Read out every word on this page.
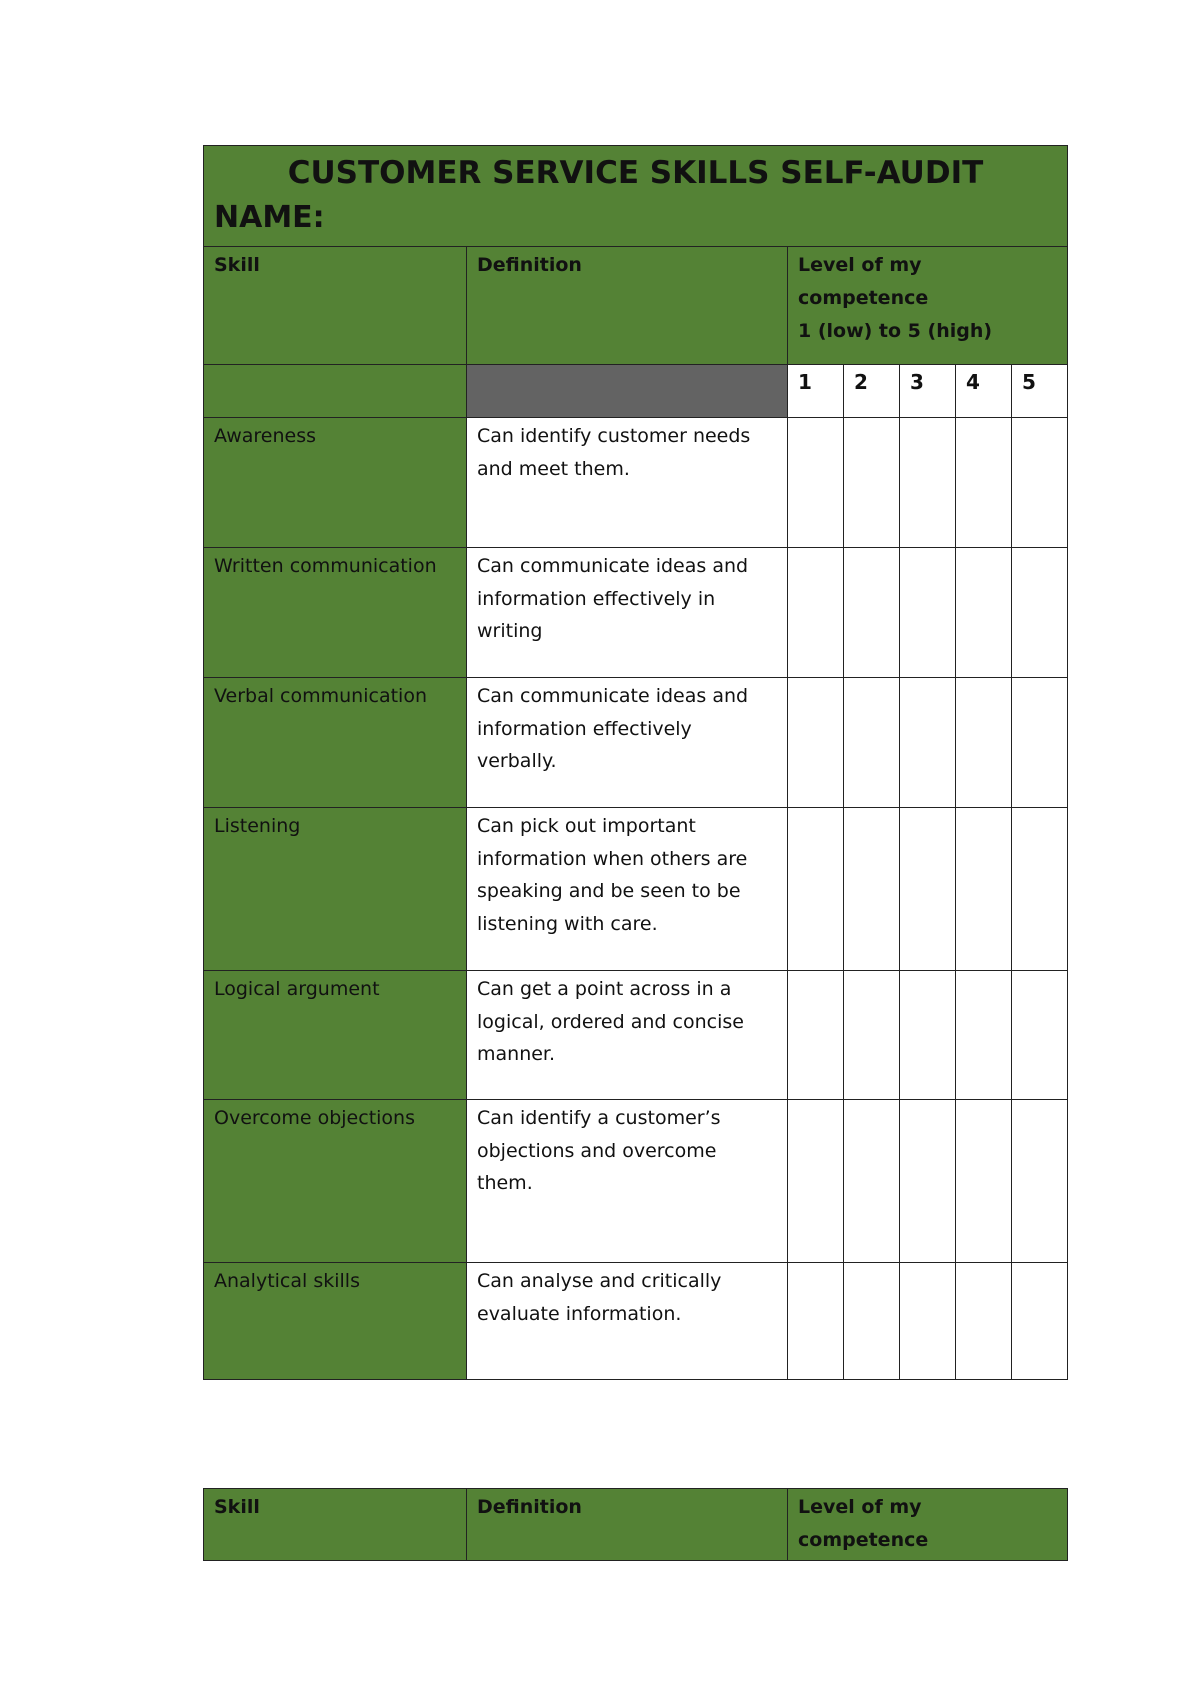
CUSTOMER SERVICE SKILLS SELF-AUDIT
NAME:						

Skill	Definition	Level of my
competence
1 (low) to 5 (high)				

		1	2	3	4	5
Awareness	Can identify customer needs and meet them.					
Written communication	Can communicate ideas and information effectively in writing					
Verbal communication	Can communicate ideas and information effectively verbally.					
Listening	Can pick out important information when others are speaking and be seen to be listening with care.					
Logical argument	Can get a point across in a logical, ordered and concise manner.					
Overcome objections	Can identify a customer’s objections and overcome them.					
Analytical skills	Can analyse and critically evaluate information.					
Skill	Definition	Level of my
competence
